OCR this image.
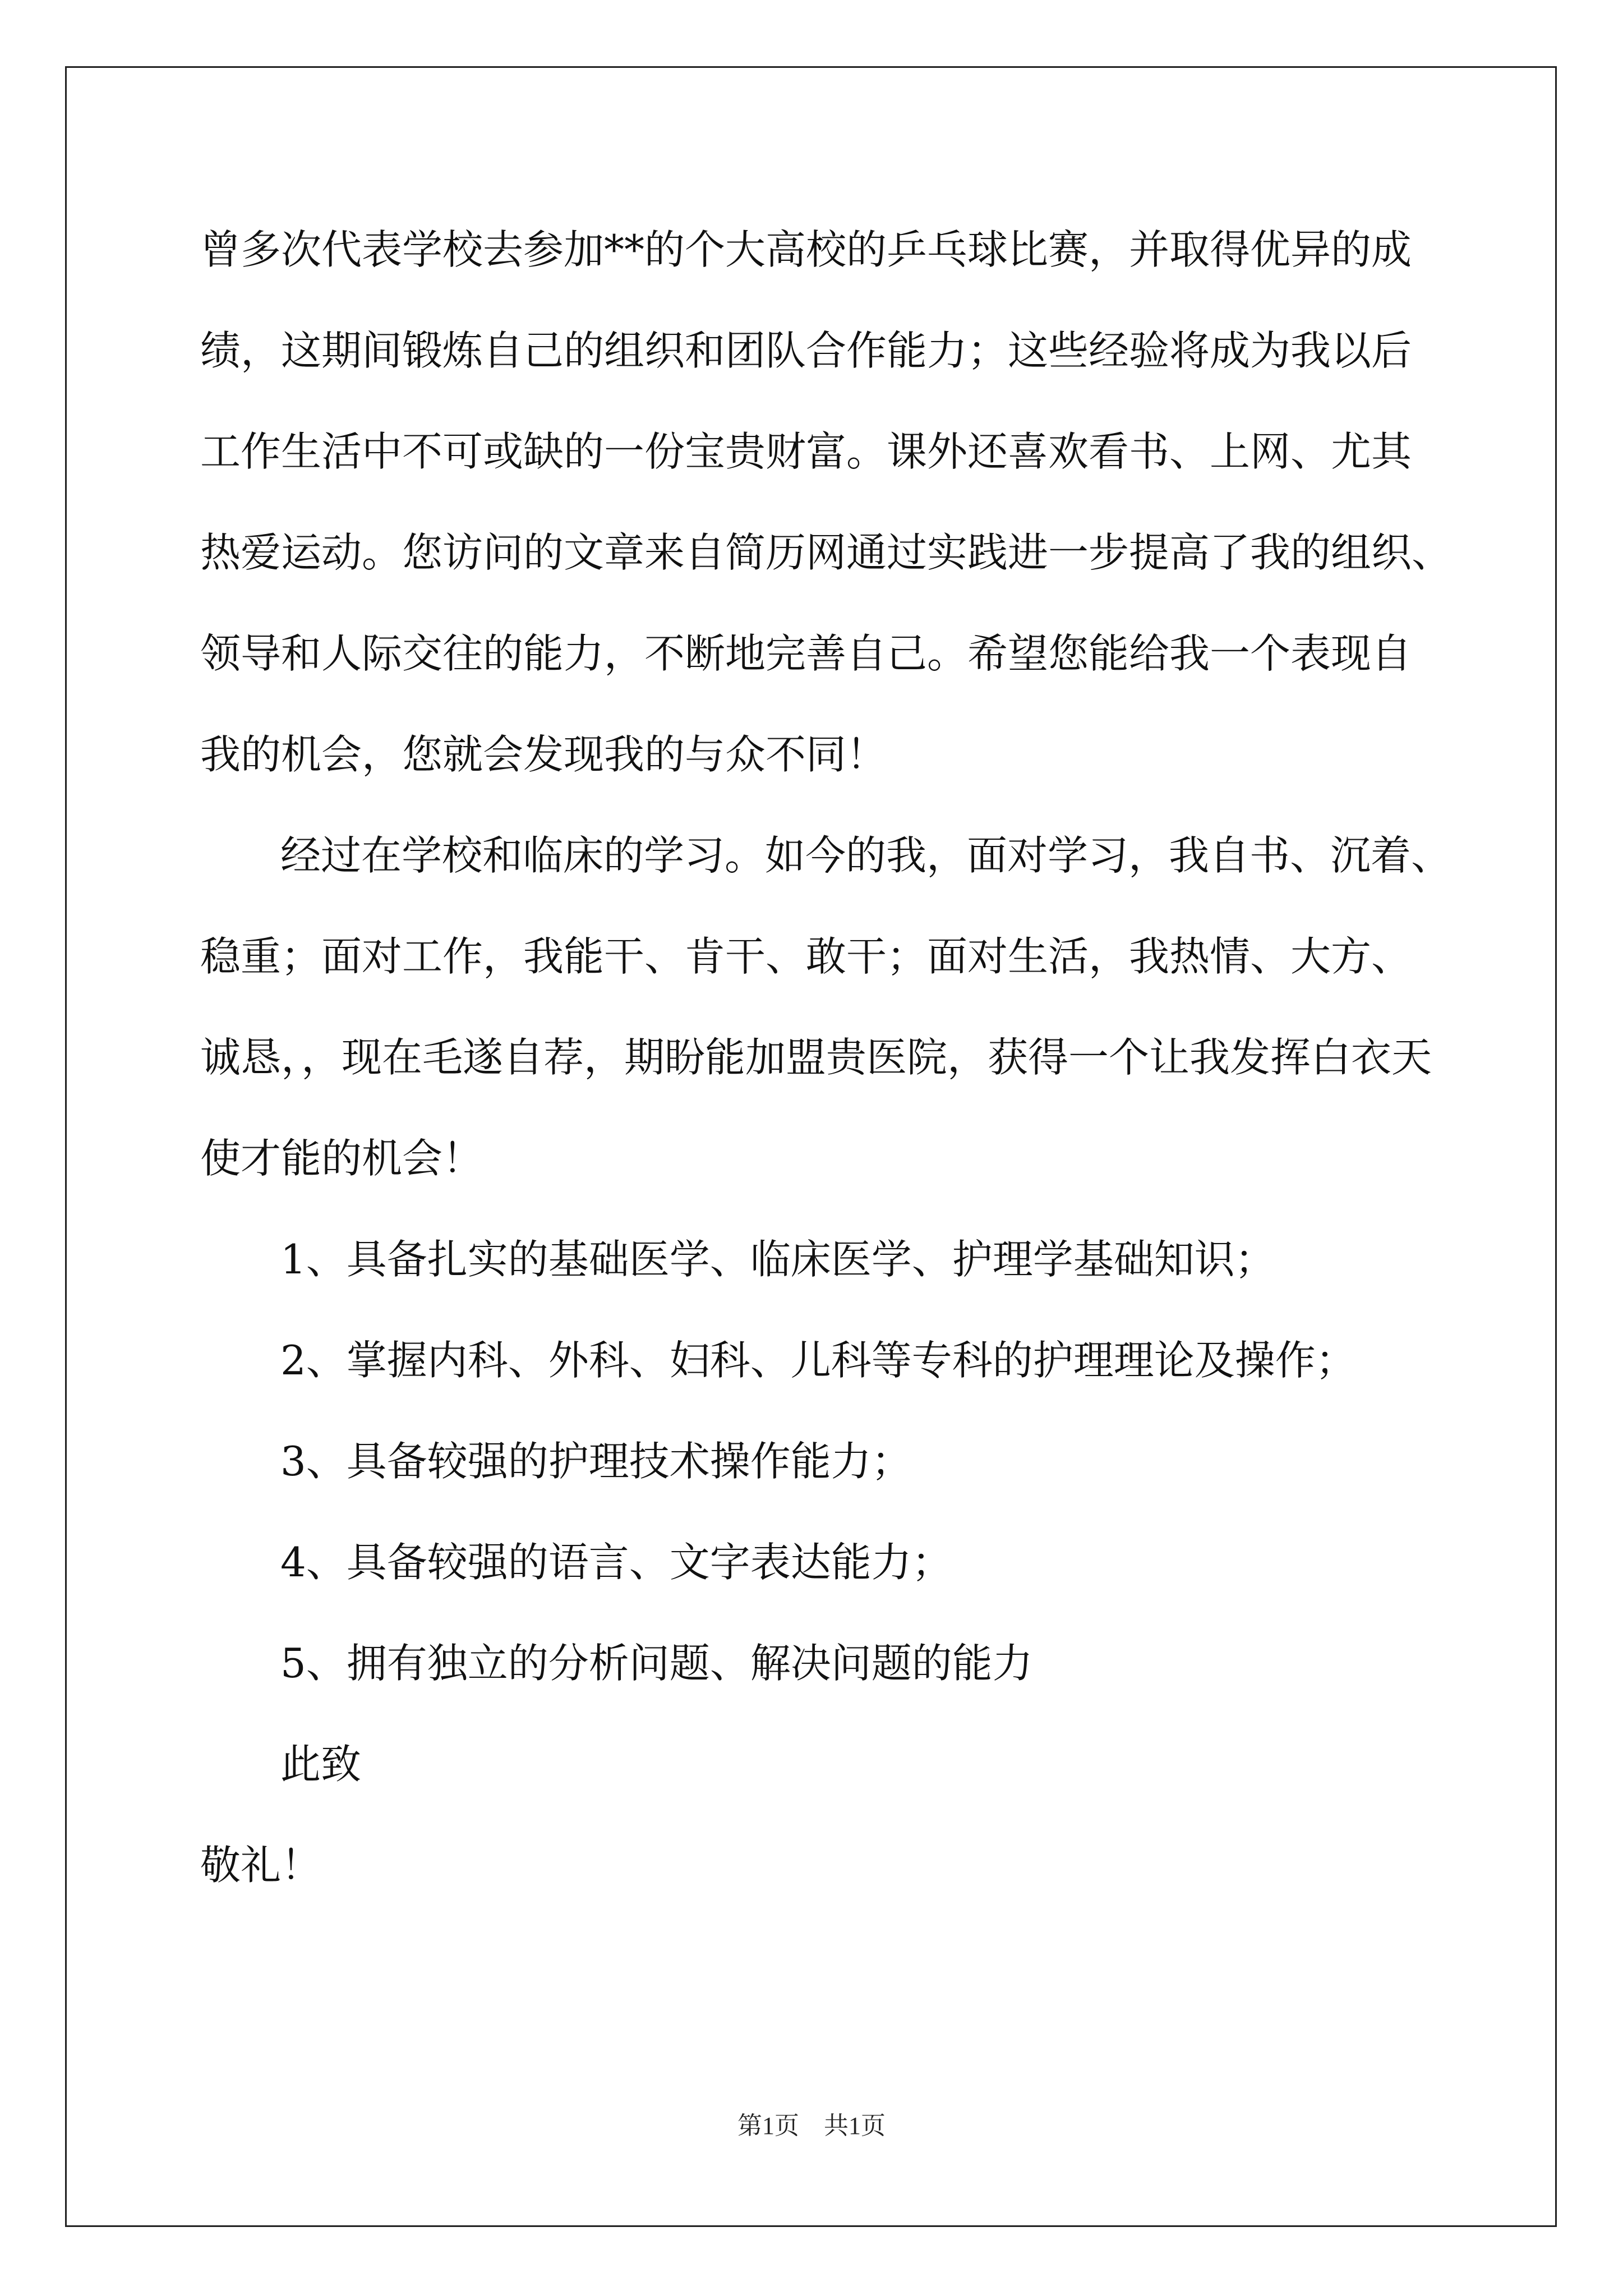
曾多次代表学校去参加**的个大高校的乒乓球比赛，并取得优异的成
绩，这期间锻炼自己的组织和团队合作能力；这些经验将成为我以后
工作生活中不可或缺的一份宝贵财富。课外还喜欢看书、上网、尤其
热爱运动。您访问的文章来自简历网通过实践进一步提高了我的组织、
领导和人际交往的能力，不断地完善自己。希望您能给我一个表现自
我的机会，您就会发现我的与众不同！
经过在学校和临床的学习。如今的我，面对学习，我自书、沉着、
稳重；面对工作，我能干、肯干、敢干；面对生活，我热情、大方、
诚恳，，现在毛遂自荐，期盼能加盟贵医院，获得一个让我发挥白衣天
使才能的机会！
1、具备扎实的基础医学、临床医学、护理学基础知识；
2、掌握内科、外科、妇科、儿科等专科的护理理论及操作；
3、具备较强的护理技术操作能力；
4、具备较强的语言、文字表达能力；
5、拥有独立的分析问题、解决问题的能力
此致
敬礼！
第1页　共1页
